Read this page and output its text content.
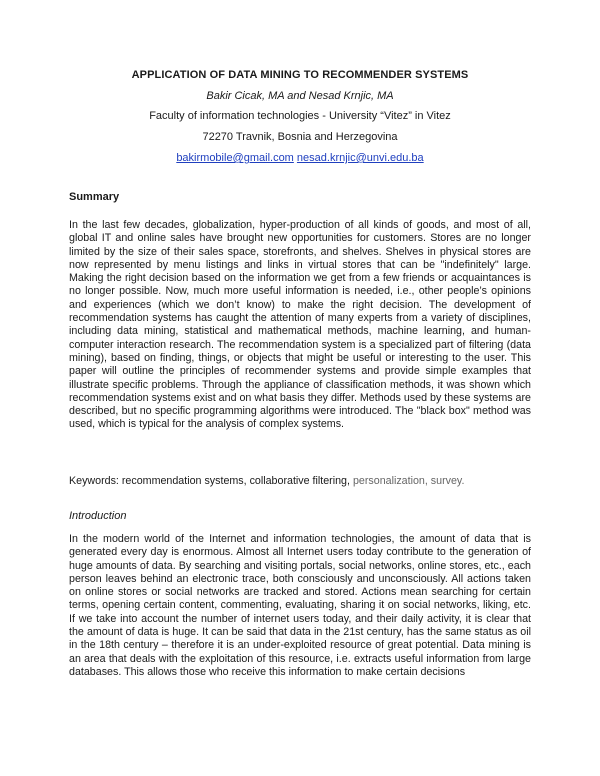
APPLICATION OF DATA MINING TO RECOMMENDER SYSTEMS
Bakir Cicak, MA and Nesad Krnjic, MA
Faculty of information technologies - University “Vitez” in Vitez
72270 Travnik, Bosnia and Herzegovina
bakirmobile@gmail.com nesad.krnjic@unvi.edu.ba
Summary

In the last few decades, globalization, hyper-production of all kinds of goods, and most of all, global IT and online sales have brought new opportunities for customers. Stores are no longer limited by the size of their sales space, storefronts, and shelves. Shelves in physical stores are now represented by menu listings and links in virtual stores that can be "indefinitely" large. Making the right decision based on the information we get from a few friends or acquaintances is no longer possible. Now, much more useful information is needed, i.e., other people’s opinions and experiences (which we don’t know) to make the right decision. The development of recommendation systems has caught the attention of many experts from a variety of disciplines, including data mining, statistical and mathematical methods, machine learning, and human-computer interaction research. The recommendation system is a specialized part of filtering (data mining), based on finding, things, or objects that might be useful or interesting to the user. This paper will outline the principles of recommender systems and provide simple examples that illustrate specific problems. Through the appliance of classification methods, it was shown which recommendation systems exist and on what basis they differ. Methods used by these systems are described, but no specific programming algorithms were introduced. The "black box" method was used, which is typical for the analysis of complex systems.

Keywords: recommendation systems, collaborative filtering, personalization, survey.
Introduction

In the modern world of the Internet and information technologies, the amount of data that is generated every day is enormous. Almost all Internet users today contribute to the generation of huge amounts of data. By searching and visiting portals, social networks, online stores, etc., each person leaves behind an electronic trace, both consciously and unconsciously. All actions taken on online stores or social networks are tracked and stored. Actions mean searching for certain terms, opening certain content, commenting, evaluating, sharing it on social networks, liking, etc. If we take into account the number of internet users today, and their daily activity, it is clear that the amount of data is huge. It can be said that data in the 21st century, has the same status as oil in the 18th century – therefore it is an under-exploited resource of great potential. Data mining is an area that deals with the exploitation of this resource, i.e. extracts useful information from large databases. This allows those who receive this information to make certain decisions
